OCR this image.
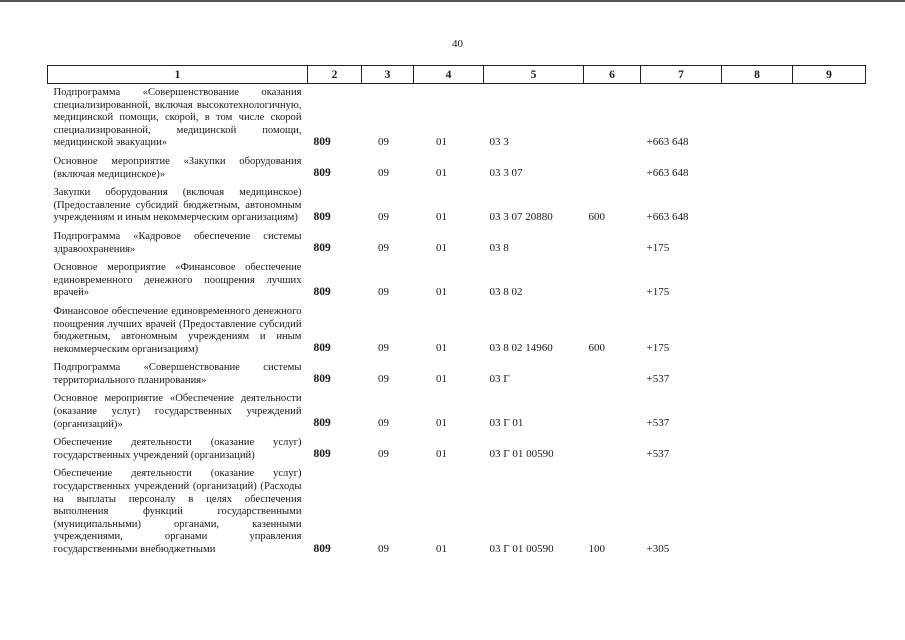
40
1	2	3	4	5	6	7	8	9
Подпрограмма «Совершенствование оказания специализированной, включая высокотехнологичную, медицинской помощи, скорой, в том числе скорой специализированной, медицинской помощи, медицинской эвакуации»	809	09	01	03 3		+663 648		
Основное мероприятие «Закупки оборудования (включая медицинское)»	809	09	01	03 3 07		+663 648		
Закупки оборудования (включая медицинское) (Предоставление субсидий бюджетным, автономным учреждениям и иным некоммерческим организациям)	809	09	01	03 3 07 20880	600	+663 648		
Подпрограмма «Кадровое обеспечение системы здравоохранения»	809	09	01	03 8		+175		
Основное мероприятие «Финансовое обеспечение единовременного денежного поощрения лучших врачей»	809	09	01	03 8 02		+175		
Финансовое обеспечение единовременного денежного поощрения лучших врачей (Предоставление субсидий бюджетным, автономным учреждениям и иным некоммерческим организациям)	809	09	01	03 8 02 14960	600	+175		
Подпрограмма «Совершенствование системы территориального планирования»	809	09	01	03 Г		+537		
Основное мероприятие «Обеспечение деятельности (оказание услуг) государственных учреждений (организаций)»	809	09	01	03 Г 01		+537		
Обеспечение деятельности (оказание услуг) государственных учреждений (организаций)	809	09	01	03 Г 01 00590		+537		
Обеспечение деятельности (оказание услуг) государственных учреждений (организаций) (Расходы на выплаты персоналу в целях обеспечения выполнения функций государственными (муниципальными) органами, казенными учреждениями, органами управления государственными внебюджетными	809	09	01	03 Г 01 00590	100	+305		
